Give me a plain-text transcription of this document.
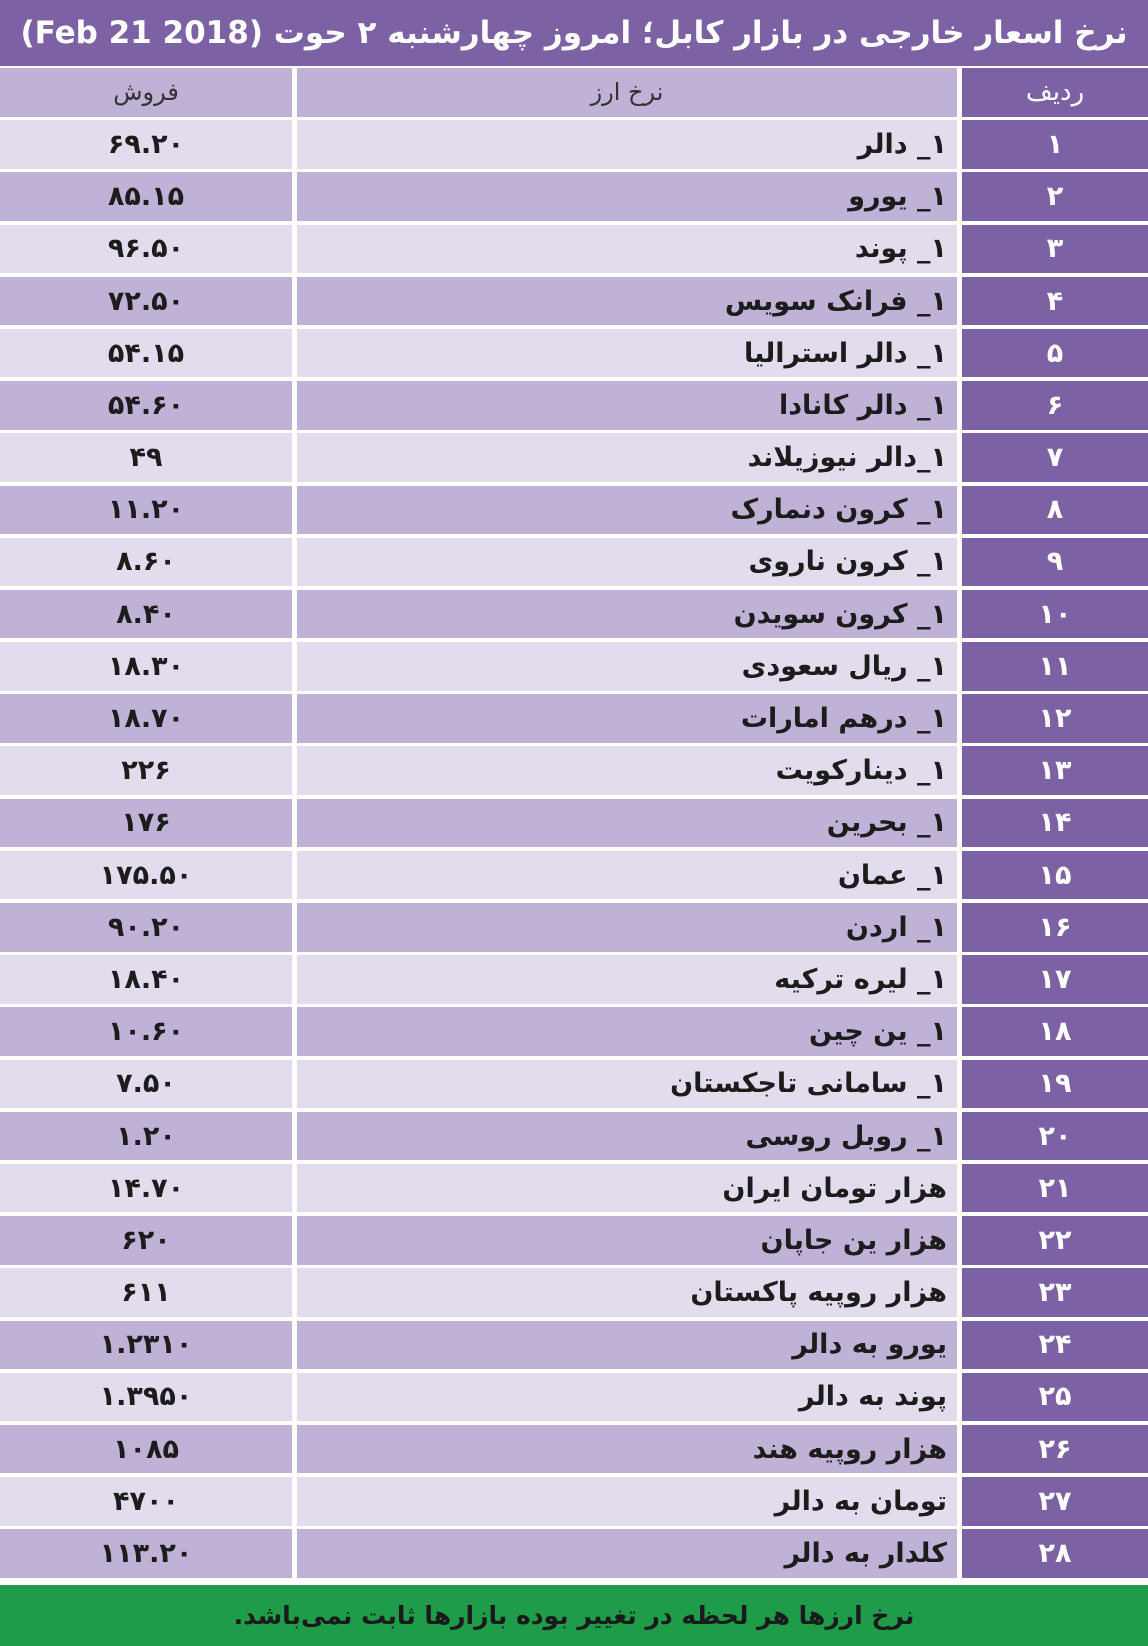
نرخ اسعار خارجی در بازار کابل؛ امروز چهارشنبه ۲ حوت (Feb 21 2018)
فروش	نرخ ارز	ردیف
۶۹.۲۰	۱_ دالر	۱
۸۵.۱۵	۱_ یورو	۲
۹۶.۵۰	۱_ پوند	۳
۷۲.۵۰	۱_ فرانک سویس	۴
۵۴.۱۵	۱_ دالر استرالیا	۵
۵۴.۶۰	۱_ دالر کانادا	۶
۴۹	۱_دالر نیوزیلاند	۷
۱۱.۲۰	۱_ کرون دنمارک	۸
۸.۶۰	۱_ کرون ناروی	۹
۸.۴۰	۱_ کرون سویدن	۱۰
۱۸.۳۰	۱_ ریال سعودی	۱۱
۱۸.۷۰	۱_ درهم امارات	۱۲
۲۲۶	۱_ دینارکویت	۱۳
۱۷۶	۱_ بحرین	۱۴
۱۷۵.۵۰	۱_ عمان	۱۵
۹۰.۲۰	۱_ اردن	۱۶
۱۸.۴۰	۱_ لیره ترکیه	۱۷
۱۰.۶۰	۱_ ین چین	۱۸
۷.۵۰	۱_ سامانی تاجکستان	۱۹
۱.۲۰	۱_ روبل روسی	۲۰
۱۴.۷۰	هزار تومان ایران	۲۱
۶۲۰	هزار ین جاپان	۲۲
۶۱۱	هزار روپیه پاکستان	۲۳
۱.۲۳۱۰	یورو به دالر	۲۴
۱.۳۹۵۰	پوند به دالر	۲۵
۱۰۸۵	هزار روپیه هند	۲۶
۴۷۰۰	تومان به دالر	۲۷
۱۱۳.۲۰	کلدار به دالر	۲۸
نرخ ارزها هر لحظه در تغییر بوده بازارها ثابت نمی‌باشد.
